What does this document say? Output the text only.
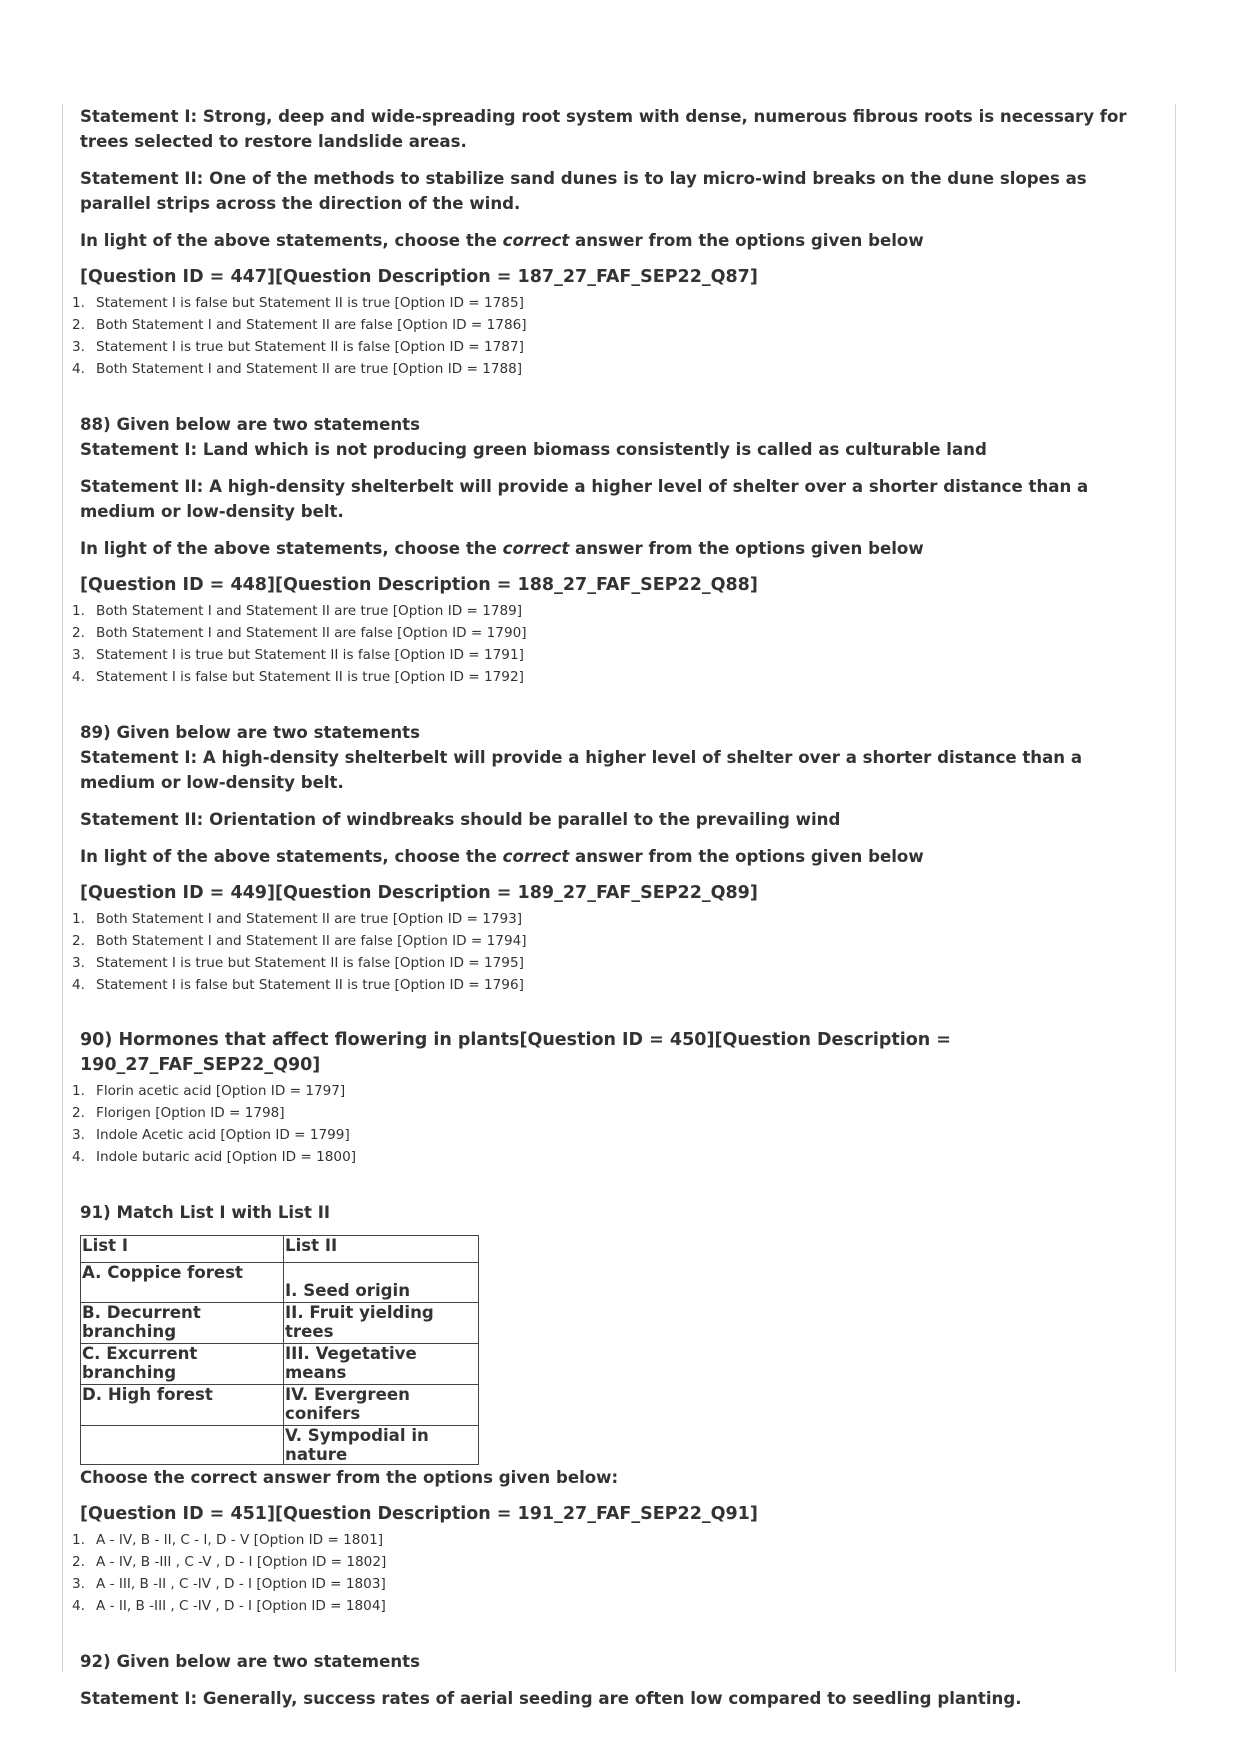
Statement I: Strong, deep and wide-spreading root system with dense, numerous fibrous roots is necessary for trees selected to restore landslide areas.

Statement II: One of the methods to stabilize sand dunes is to lay micro-wind breaks on the dune slopes as parallel strips across the direction of the wind.

In light of the above statements, choose the correct answer from the options given below

[Question ID = 447][Question Description = 187_27_FAF_SEP22_Q87]

1. Statement I is false but Statement II is true [Option ID = 1785]
2. Both Statement I and Statement II are false [Option ID = 1786]
3. Statement I is true but Statement II is false [Option ID = 1787]
4. Both Statement I and Statement II are true [Option ID = 1788]

88) Given below are two statements

Statement I: Land which is not producing green biomass consistently is called as culturable land

Statement II: A high-density shelterbelt will provide a higher level of shelter over a shorter distance than a medium or low-density belt.

In light of the above statements, choose the correct answer from the options given below

[Question ID = 448][Question Description = 188_27_FAF_SEP22_Q88]

1. Both Statement I and Statement II are true [Option ID = 1789]
2. Both Statement I and Statement II are false [Option ID = 1790]
3. Statement I is true but Statement II is false [Option ID = 1791]
4. Statement I is false but Statement II is true [Option ID = 1792]

89) Given below are two statements

Statement I: A high-density shelterbelt will provide a higher level of shelter over a shorter distance than a medium or low-density belt.

Statement II: Orientation of windbreaks should be parallel to the prevailing wind

In light of the above statements, choose the correct answer from the options given below

[Question ID = 449][Question Description = 189_27_FAF_SEP22_Q89]

1. Both Statement I and Statement II are true [Option ID = 1793]
2. Both Statement I and Statement II are false [Option ID = 1794]
3. Statement I is true but Statement II is false [Option ID = 1795]
4. Statement I is false but Statement II is true [Option ID = 1796]

90) Hormones that affect flowering in plants[Question ID = 450][Question Description = 190_27_FAF_SEP22_Q90]

1. Florin acetic acid [Option ID = 1797]
2. Florigen [Option ID = 1798]
3. Indole Acetic acid [Option ID = 1799]
4. Indole butaric acid [Option ID = 1800]

91) Match List I with List II

List I	List II
A. Coppice forest	I. Seed origin
B. Decurrent branching	II. Fruit yielding trees
C. Excurrent branching	III. Vegetative means
D. High forest	IV. Evergreen conifers
	V. Sympodial in nature

Choose the correct answer from the options given below:

[Question ID = 451][Question Description = 191_27_FAF_SEP22_Q91]

1. A - IV, B - II, C - I, D - V [Option ID = 1801]
2. A - IV, B -III , C -V , D - I [Option ID = 1802]
3. A - III, B -II , C -IV , D - I [Option ID = 1803]
4. A - II, B -III , C -IV , D - I [Option ID = 1804]

92) Given below are two statements

Statement I: Generally, success rates of aerial seeding are often low compared to seedling planting.
